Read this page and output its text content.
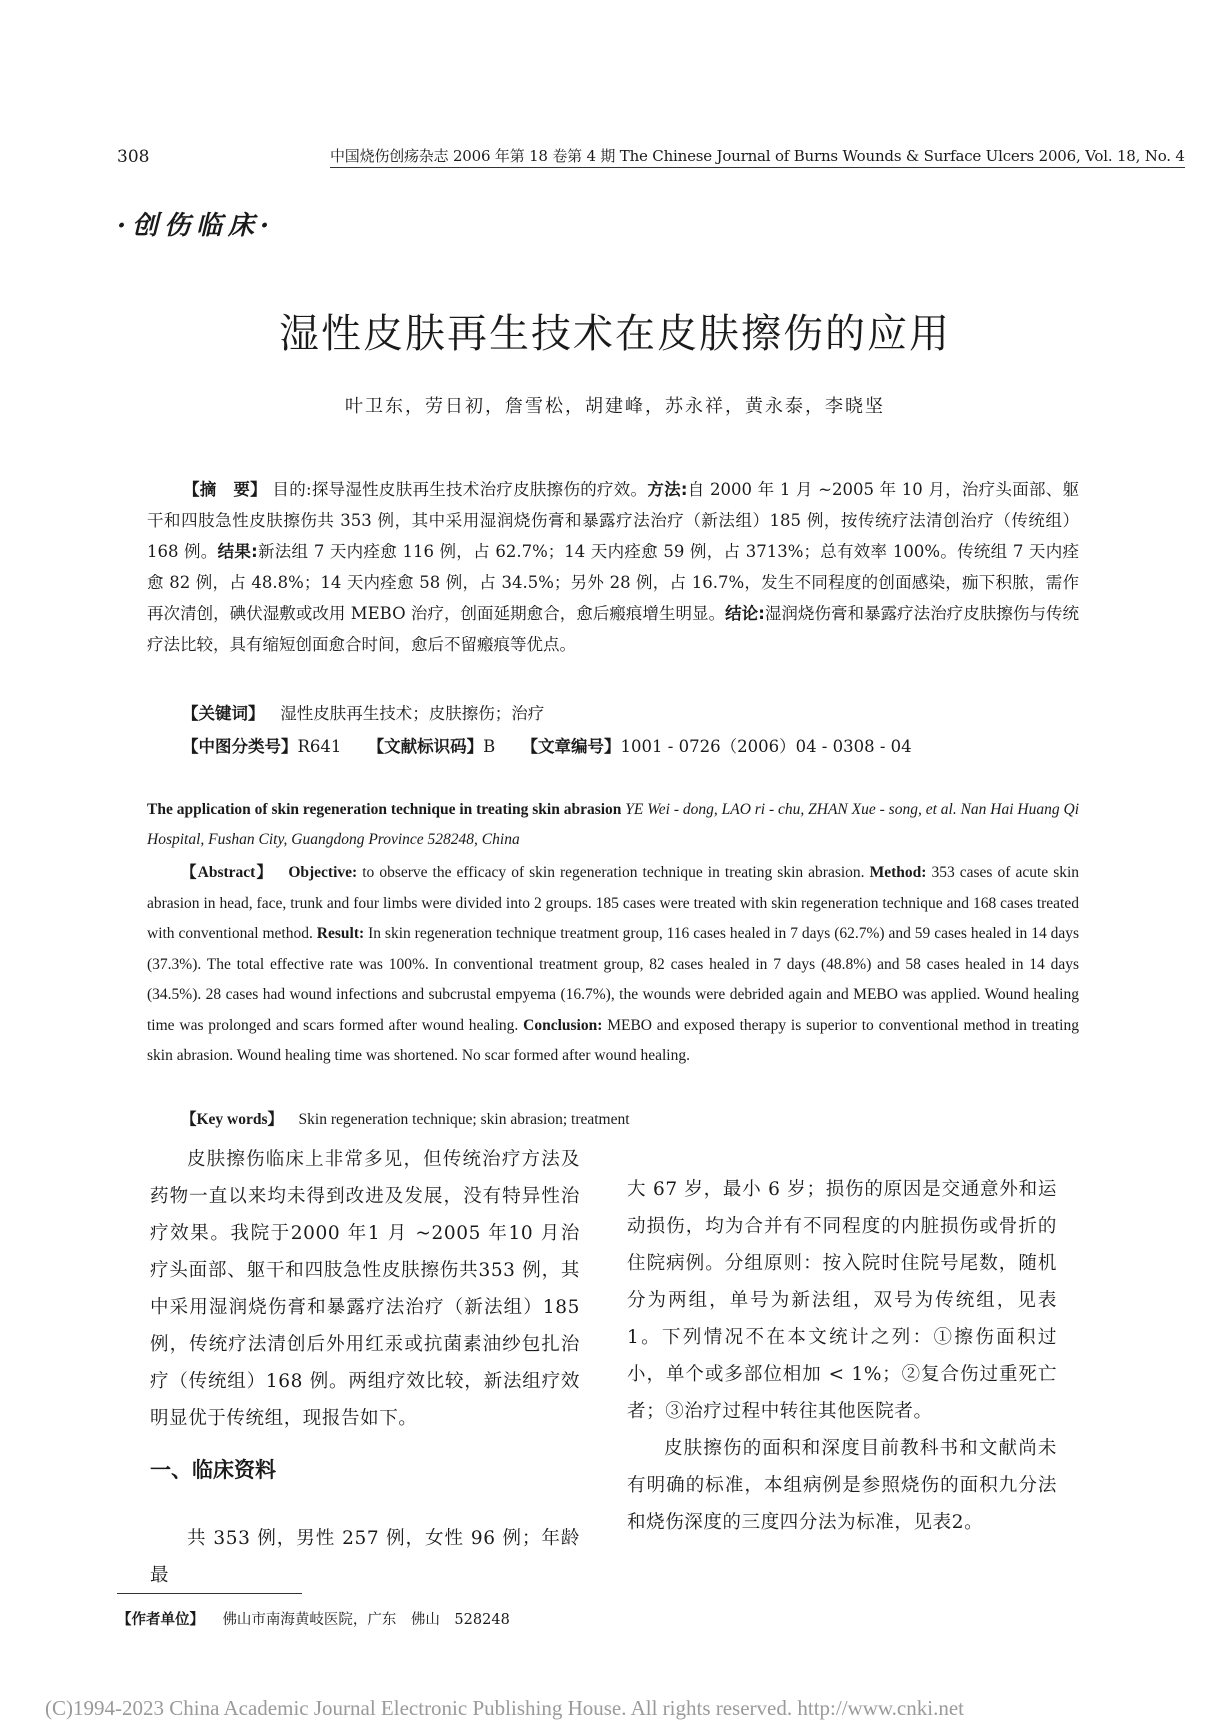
308	中国烧伤创疡杂志 2006 年第 18 卷第 4 期 The Chinese Journal of Burns Wounds & Surface Ulcers 2006, Vol. 18, No. 4
·创伤临床·
湿性皮肤再生技术在皮肤擦伤的应用
叶卫东，劳日初，詹雪松，胡建峰，苏永祥，黄永泰，李晓坚
【摘　要】 目的:探导湿性皮肤再生技术治疗皮肤擦伤的疗效。方法:自 2000 年 1 月 ~2005 年 10 月，治疗头面部、躯干和四肢急性皮肤擦伤共 353 例，其中采用湿润烧伤膏和暴露疗法治疗（新法组）185 例，按传统疗法清创治疗（传统组）168 例。结果:新法组 7 天内痊愈 116 例，占 62.7%；14 天内痊愈 59 例，占 3713%；总有效率 100%。传统组 7 天内痊愈 82 例，占 48.8%；14 天内痊愈 58 例，占 34.5%；另外 28 例，占 16.7%，发生不同程度的创面感染，痂下积脓，需作再次清创，碘伏湿敷或改用 MEBO 治疗，创面延期愈合，愈后瘢痕增生明显。结论:湿润烧伤膏和暴露疗法治疗皮肤擦伤与传统疗法比较，具有缩短创面愈合时间，愈后不留瘢痕等优点。
【关键词】 湿性皮肤再生技术；皮肤擦伤；治疗
【中图分类号】R641 【文献标识码】B 【文章编号】1001 - 0726（2006）04 - 0308 - 04
The application of skin regeneration technique in treating skin abrasion YE Wei - dong, LAO ri - chu, ZHAN Xue - song, et al. Nan Hai Huang Qi Hospital, Fushan City, Guangdong Province 528248, China
【Abstract】 Objective: to observe the efficacy of skin regeneration technique in treating skin abrasion. Method: 353 cases of acute skin abrasion in head, face, trunk and four limbs were divided into 2 groups. 185 cases were treated with skin regeneration technique and 168 cases treated with conventional method. Result: In skin regeneration technique treatment group, 116 cases healed in 7 days (62.7%) and 59 cases healed in 14 days (37.3%). The total effective rate was 100%. In conventional treatment group, 82 cases healed in 7 days (48.8%) and 58 cases healed in 14 days (34.5%). 28 cases had wound infections and subcrustal empyema (16.7%), the wounds were debrided again and MEBO was applied. Wound healing time was prolonged and scars formed after wound healing. Conclusion: MEBO and exposed therapy is superior to conventional method in treating skin abrasion. Wound healing time was shortened. No scar formed after wound healing.
【Key words】 Skin regeneration technique; skin abrasion; treatment

皮肤擦伤临床上非常多见，但传统治疗方法及药物一直以来均未得到改进及发展，没有特异性治疗效果。我院于2000 年1 月 ~2005 年10 月治疗头面部、躯干和四肢急性皮肤擦伤共353 例，其中采用湿润烧伤膏和暴露疗法治疗（新法组）185 例，传统疗法清创后外用红汞或抗菌素油纱包扎治疗（传统组）168 例。两组疗效比较，新法组疗效明显优于传统组，现报告如下。

一、临床资料

共 353 例，男性 257 例，女性 96 例；年龄最

大 67 岁，最小 6 岁；损伤的原因是交通意外和运动损伤，均为合并有不同程度的内脏损伤或骨折的住院病例。分组原则：按入院时住院号尾数，随机分为两组，单号为新法组，双号为传统组，见表 1。下列情况不在本文统计之列：①擦伤面积过小，单个或多部位相加 < 1%；②复合伤过重死亡者；③治疗过程中转往其他医院者。

皮肤擦伤的面积和深度目前教科书和文献尚未有明确的标准，本组病例是参照烧伤的面积九分法和烧伤深度的三度四分法为标准，见表2。

【作者单位】 佛山市南海黄岐医院，广东　佛山　528248
(C)1994-2023 China Academic Journal Electronic Publishing House. All rights reserved. http://www.cnki.net
